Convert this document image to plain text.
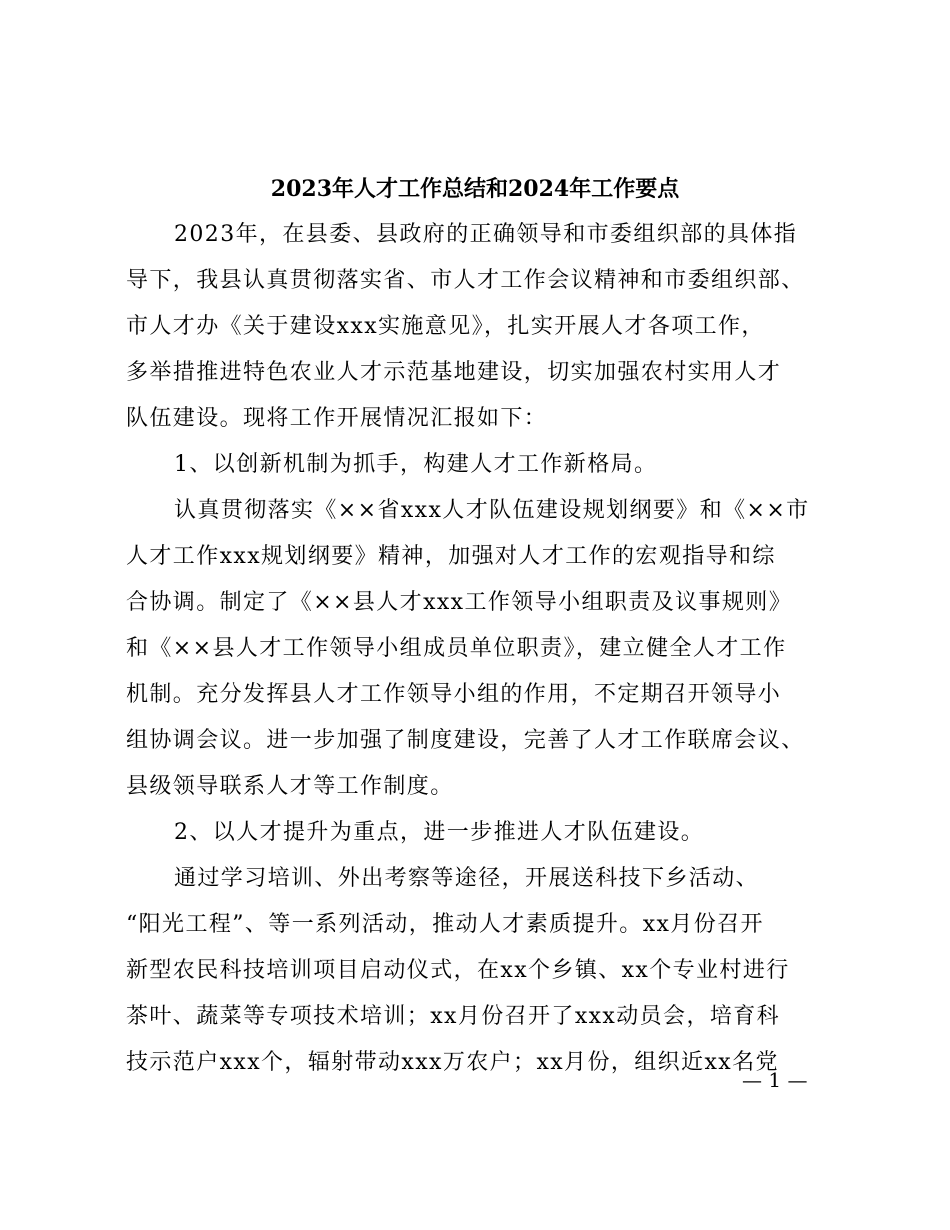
2023年人才工作总结和2024年工作要点
2023年，在县委、县政府的正确领导和市委组织部的具体指
导下，我县认真贯彻落实省、市人才工作会议精神和市委组织部、
市人才办《关于建设xxx实施意见》，扎实开展人才各项工作，
多举措推进特色农业人才示范基地建设，切实加强农村实用人才
队伍建设。现将工作开展情况汇报如下：
1、以创新机制为抓手，构建人才工作新格局。
认真贯彻落实《××省xxx人才队伍建设规划纲要》和《××市
人才工作xxx规划纲要》精神，加强对人才工作的宏观指导和综
合协调。制定了《××县人才xxx工作领导小组职责及议事规则》
和《××县人才工作领导小组成员单位职责》，建立健全人才工作
机制。充分发挥县人才工作领导小组的作用，不定期召开领导小
组协调会议。进一步加强了制度建设，完善了人才工作联席会议、
县级领导联系人才等工作制度。
2、以人才提升为重点，进一步推进人才队伍建设。
通过学习培训、外出考察等途径，开展送科技下乡活动、
“阳光工程”、等一系列活动，推动人才素质提升。xx月份召开
新型农民科技培训项目启动仪式，在xx个乡镇、xx个专业村进行
茶叶、蔬菜等专项技术培训；xx月份召开了xxx动员会，培育科
技示范户xxx个，辐射带动xxx万农户；xx月份，组织近xx名党
— 1 —
